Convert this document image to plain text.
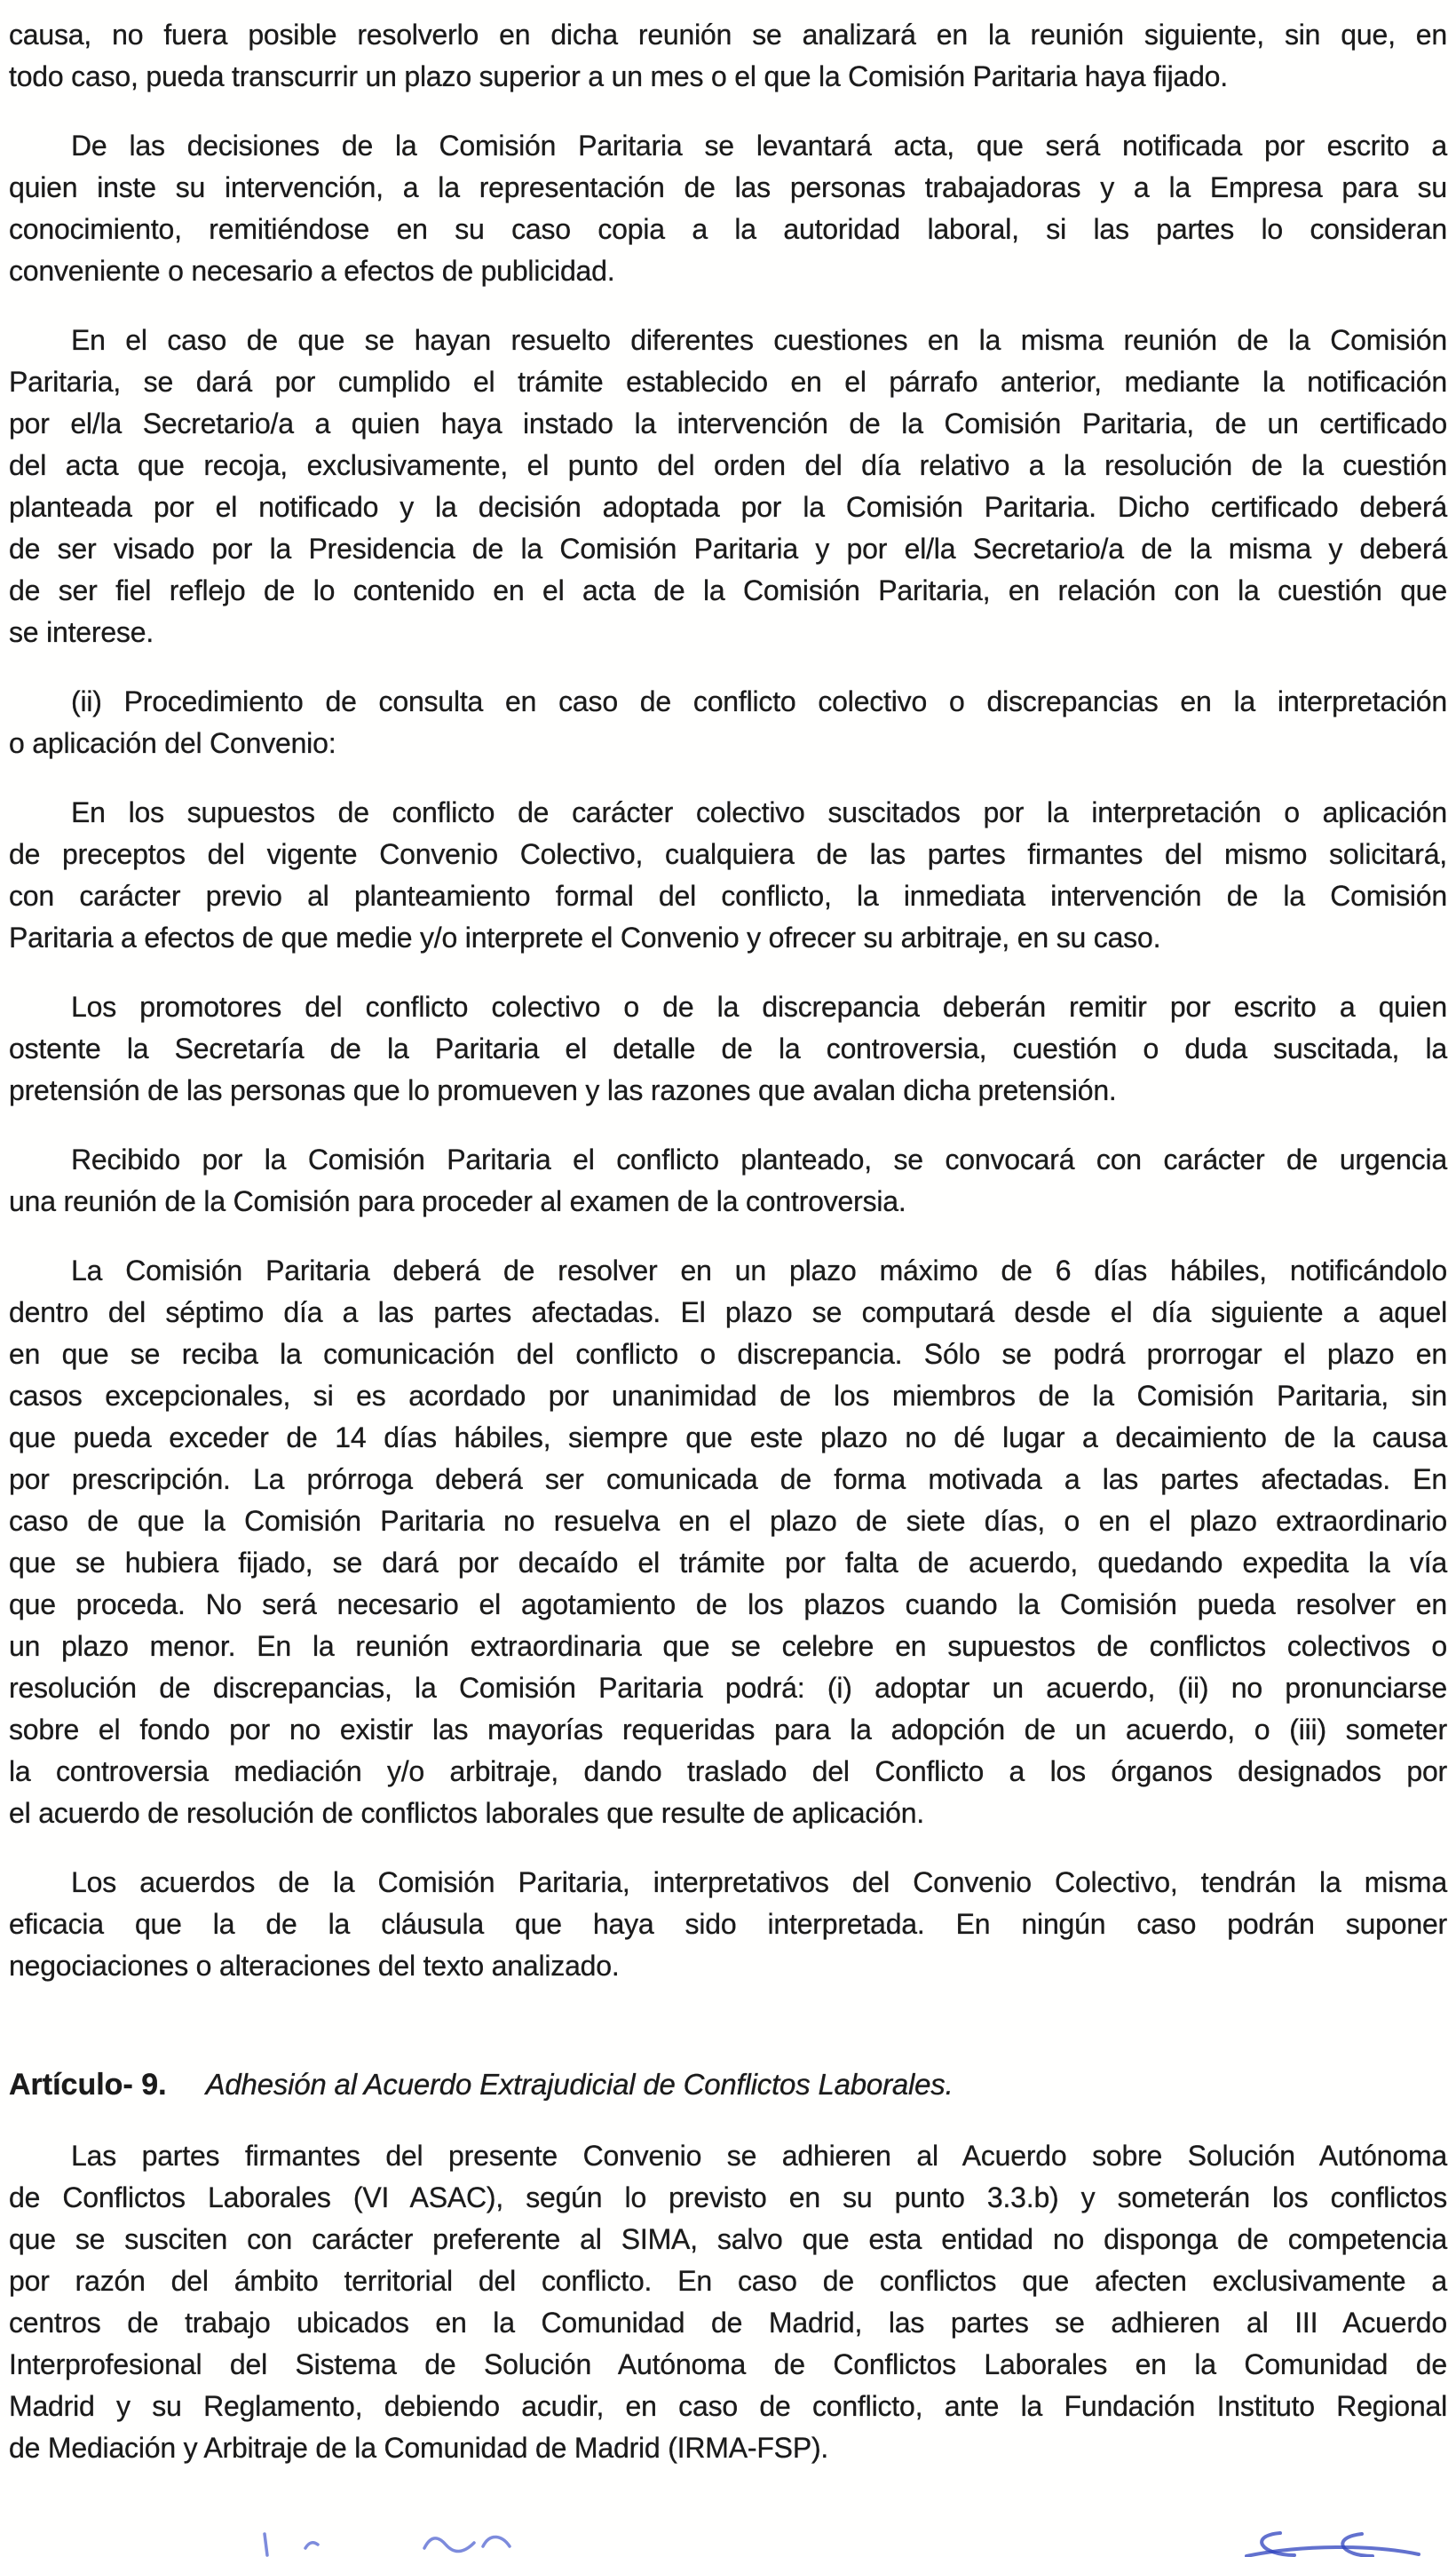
causa, no fuera posible resolverlo en dicha reunión se analizará en la reunión siguiente, sin que, en
todo caso, pueda transcurrir un plazo superior a un mes o el que la Comisión Paritaria haya fijado.
De las decisiones de la Comisión Paritaria se levantará acta, que será notificada por escrito a
quien inste su intervención, a la representación de las personas trabajadoras y a la Empresa para su
conocimiento, remitiéndose en su caso copia a la autoridad laboral, si las partes lo consideran
conveniente o necesario a efectos de publicidad.
En el caso de que se hayan resuelto diferentes cuestiones en la misma reunión de la Comisión
Paritaria, se dará por cumplido el trámite establecido en el párrafo anterior, mediante la notificación
por el/la Secretario/a a quien haya instado la intervención de la Comisión Paritaria, de un certificado
del acta que recoja, exclusivamente, el punto del orden del día relativo a la resolución de la cuestión
planteada por el notificado y la decisión adoptada por la Comisión Paritaria. Dicho certificado deberá
de ser visado por la Presidencia de la Comisión Paritaria y por el/la Secretario/a de la misma y deberá
de ser fiel reflejo de lo contenido en el acta de la Comisión Paritaria, en relación con la cuestión que
se interese.
(ii) Procedimiento de consulta en caso de conflicto colectivo o discrepancias en la interpretación
o aplicación del Convenio:
En los supuestos de conflicto de carácter colectivo suscitados por la interpretación o aplicación
de preceptos del vigente Convenio Colectivo, cualquiera de las partes firmantes del mismo solicitará,
con carácter previo al planteamiento formal del conflicto, la inmediata intervención de la Comisión
Paritaria a efectos de que medie y/o interprete el Convenio y ofrecer su arbitraje, en su caso.
Los promotores del conflicto colectivo o de la discrepancia deberán remitir por escrito a quien
ostente la Secretaría de la Paritaria el detalle de la controversia, cuestión o duda suscitada, la
pretensión de las personas que lo promueven y las razones que avalan dicha pretensión.
Recibido por la Comisión Paritaria el conflicto planteado, se convocará con carácter de urgencia
una reunión de la Comisión para proceder al examen de la controversia.
La Comisión Paritaria deberá de resolver en un plazo máximo de 6 días hábiles, notificándolo
dentro del séptimo día a las partes afectadas. El plazo se computará desde el día siguiente a aquel
en que se reciba la comunicación del conflicto o discrepancia. Sólo se podrá prorrogar el plazo en
casos excepcionales, si es acordado por unanimidad de los miembros de la Comisión Paritaria, sin
que pueda exceder de 14 días hábiles, siempre que este plazo no dé lugar a decaimiento de la causa
por prescripción. La prórroga deberá ser comunicada de forma motivada a las partes afectadas. En
caso de que la Comisión Paritaria no resuelva en el plazo de siete días, o en el plazo extraordinario
que se hubiera fijado, se dará por decaído el trámite por falta de acuerdo, quedando expedita la vía
que proceda. No será necesario el agotamiento de los plazos cuando la Comisión pueda resolver en
un plazo menor. En la reunión extraordinaria que se celebre en supuestos de conflictos colectivos o
resolución de discrepancias, la Comisión Paritaria podrá: (i) adoptar un acuerdo, (ii) no pronunciarse
sobre el fondo por no existir las mayorías requeridas para la adopción de un acuerdo, o (iii) someter
la controversia mediación y/o arbitraje, dando traslado del Conflicto a los órganos designados por
el acuerdo de resolución de conflictos laborales que resulte de aplicación.
Los acuerdos de la Comisión Paritaria, interpretativos del Convenio Colectivo, tendrán la misma
eficacia que la de la cláusula que haya sido interpretada. En ningún caso podrán suponer
negociaciones o alteraciones del texto analizado.
Artículo- 9. Adhesión al Acuerdo Extrajudicial de Conflictos Laborales.
Las partes firmantes del presente Convenio se adhieren al Acuerdo sobre Solución Autónoma
de Conflictos Laborales (VI ASAC), según lo previsto en su punto 3.3.b) y someterán los conflictos
que se susciten con carácter preferente al SIMA, salvo que esta entidad no disponga de competencia
por razón del ámbito territorial del conflicto. En caso de conflictos que afecten exclusivamente a
centros de trabajo ubicados en la Comunidad de Madrid, las partes se adhieren al III Acuerdo
Interprofesional del Sistema de Solución Autónoma de Conflictos Laborales en la Comunidad de
Madrid y su Reglamento, debiendo acudir, en caso de conflicto, ante la Fundación Instituto Regional
de Mediación y Arbitraje de la Comunidad de Madrid (IRMA-FSP).
